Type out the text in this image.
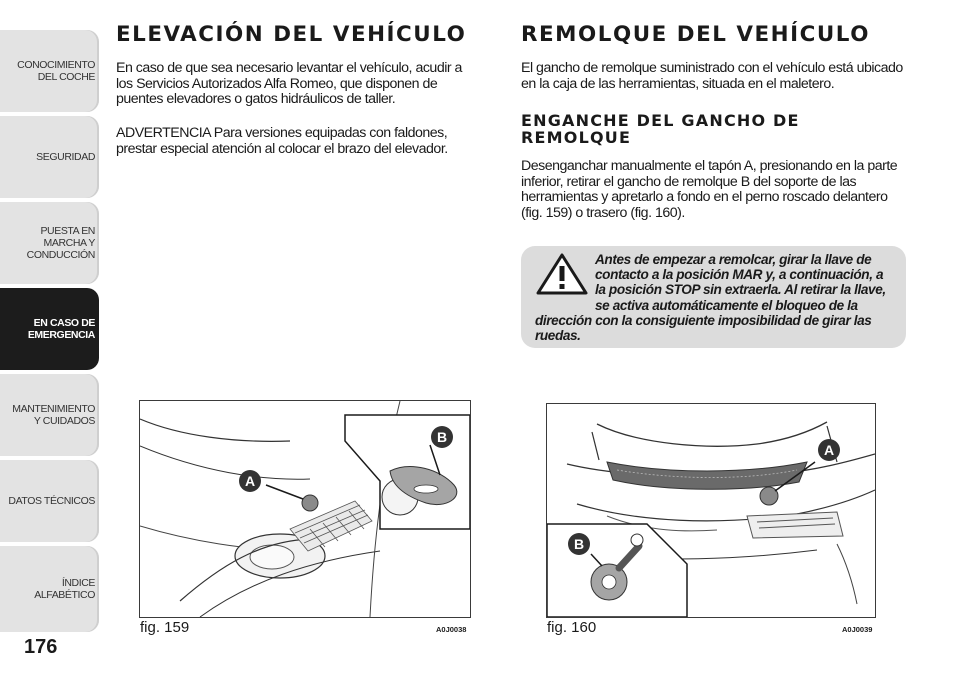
CONOCIMIENTO DEL COCHE
SEGURIDAD
PUESTA EN MARCHA Y CONDUCCIÓN
EN CASO DE EMERGENCIA
MANTENIMIENTO Y CUIDADOS
DATOS TÉCNICOS
ÍNDICE ALFABÉTICO
176
ELEVACIÓN DEL VEHÍCULO

En caso de que sea necesario levantar el vehículo, acudir a los Servicios Autorizados Alfa Romeo, que disponen de puentes elevadores o gatos hidráulicos de taller.

ADVERTENCIA Para versiones equipadas con faldones, prestar especial atención al colocar el brazo del elevador.

REMOLQUE DEL VEHÍCULO

El gancho de remolque suministrado con el vehículo está ubicado en la caja de las herramientas, situada en el maletero.

ENGANCHE DEL GANCHO DE REMOLQUE

Desenganchar manualmente el tapón A, presionando en la parte inferior, retirar el gancho de remolque B del soporte de las herramientas y apretarlo a fondo en el perno roscado delantero (fig. 159) o trasero (fig. 160).

Antes de empezar a remolcar, girar la llave de contacto a la posición MAR y, a continuación, a la posición STOP sin extraerla. Al retirar la llave, se activa automáticamente el bloqueo de la dirección con la consiguiente imposibilidad de girar las ruedas.

A
B
fig. 159	A0J0038
A
B
fig. 160	A0J0039
